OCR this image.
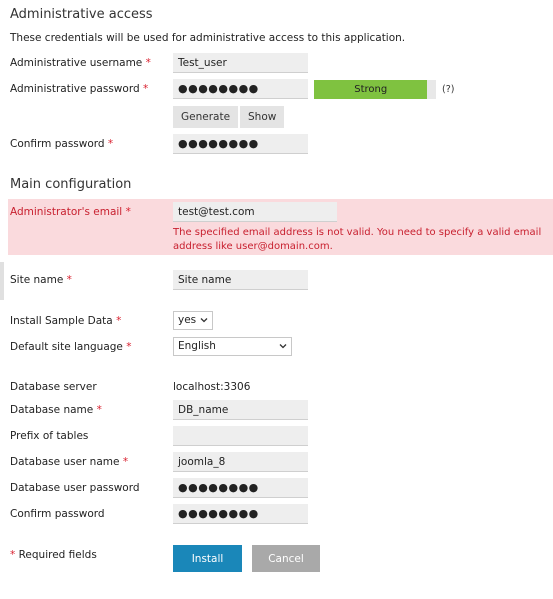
Administrative access
These credentials will be used for administrative access to this application.
Administrative username *	Test_user
Administrative password *	●●●●●●●●	Strong	(?)
Generate	Show
Confirm password *	●●●●●●●●
Main configuration
Administrator's email *	test@test.com
The specified email address is not valid. You need to specify a valid email address like user@domain.com.
Site name *	Site name
Install Sample Data *	yes
Default site language *	English
Database server	localhost:3306
Database name *	DB_name
Prefix of tables
Database user name *	joomla_8
Database user password	●●●●●●●●
Confirm password	●●●●●●●●
* Required fields	Install	Cancel
